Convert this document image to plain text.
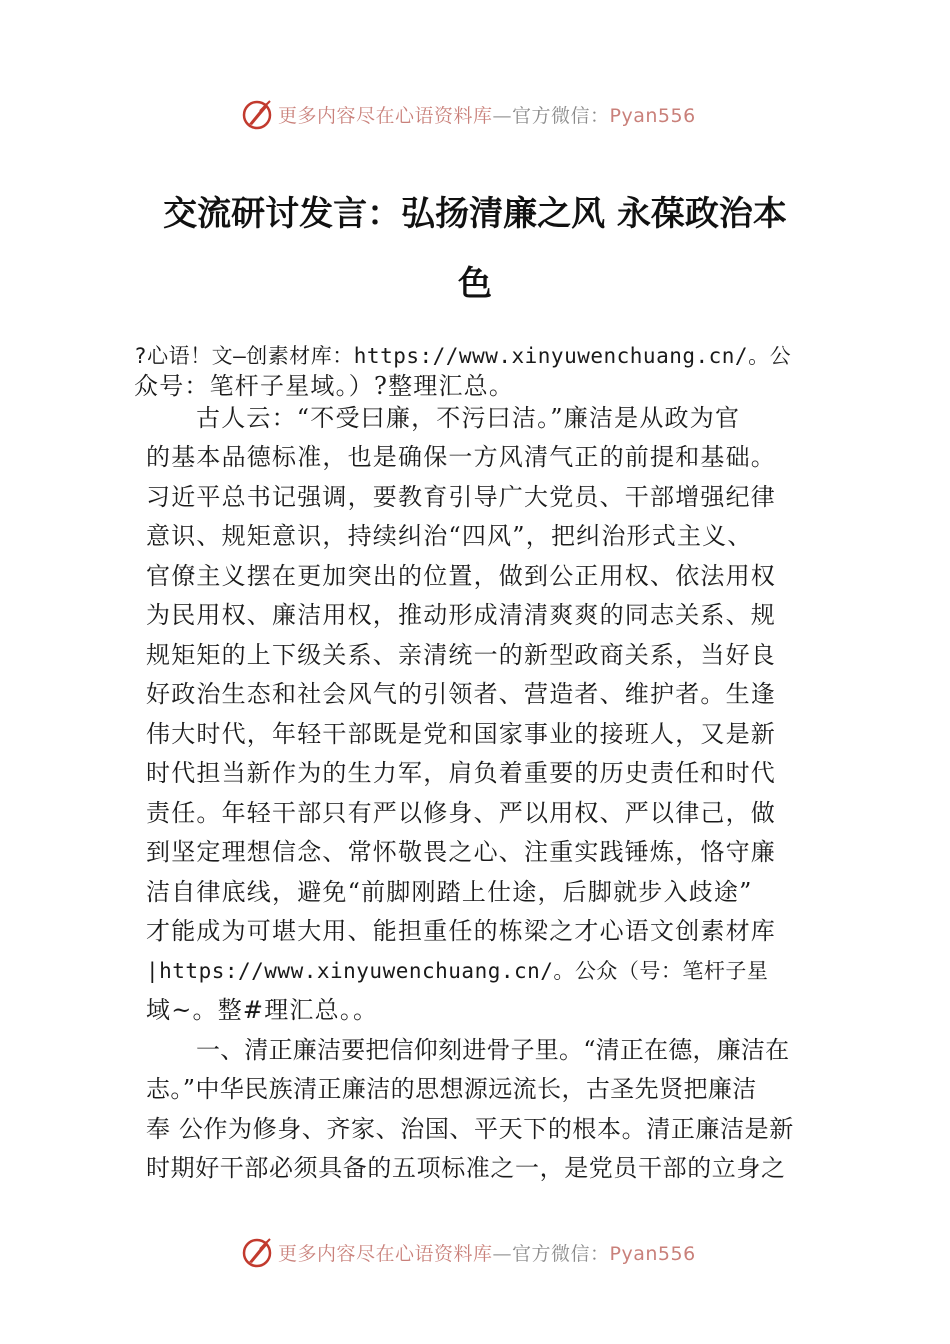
更多内容尽在心语资料库—官方微信：Pyan556
交流研讨发言：弘扬清廉之风 永葆政治本
色
?心语！文—创素材库：https://www.xinyuwenchuang.cn/。公
众号：笔杆子星域。）?整理汇总。
古人云：“不受曰廉，不污曰洁。”廉洁是从政为官
的基本品德标准，也是确保一方风清气正的前提和基础。
习近平总书记强调，要教育引导广大党员、干部增强纪律
意识、规矩意识，持续纠治“四风”，把纠治形式主义、
官僚主义摆在更加突出的位置，做到公正用权、依法用权
为民用权、廉洁用权，推动形成清清爽爽的同志关系、规
规矩矩的上下级关系、亲清统一的新型政商关系，当好良
好政治生态和社会风气的引领者、营造者、维护者。生逢
伟大时代，年轻干部既是党和国家事业的接班人，又是新
时代担当新作为的生力军，肩负着重要的历史责任和时代
责任。年轻干部只有严以修身、严以用权、严以律己，做
到坚定理想信念、常怀敬畏之心、注重实践锤炼，恪守廉
洁自律底线，避免“前脚刚踏上仕途，后脚就步入歧途”
才能成为可堪大用、能担重任的栋梁之才心语文创素材库
|https://www.xinyuwenchuang.cn/。公众（号：笔杆子星
域~。整#理汇总。。
一、清正廉洁要把信仰刻进骨子里。“清正在德，廉洁在
志。”中华民族清正廉洁的思想源远流长，古圣先贤把廉洁
奉 公作为修身、齐家、治国、平天下的根本。清正廉洁是新
时期好干部必须具备的五项标准之一，是党员干部的立身之
更多内容尽在心语资料库—官方微信：Pyan556
